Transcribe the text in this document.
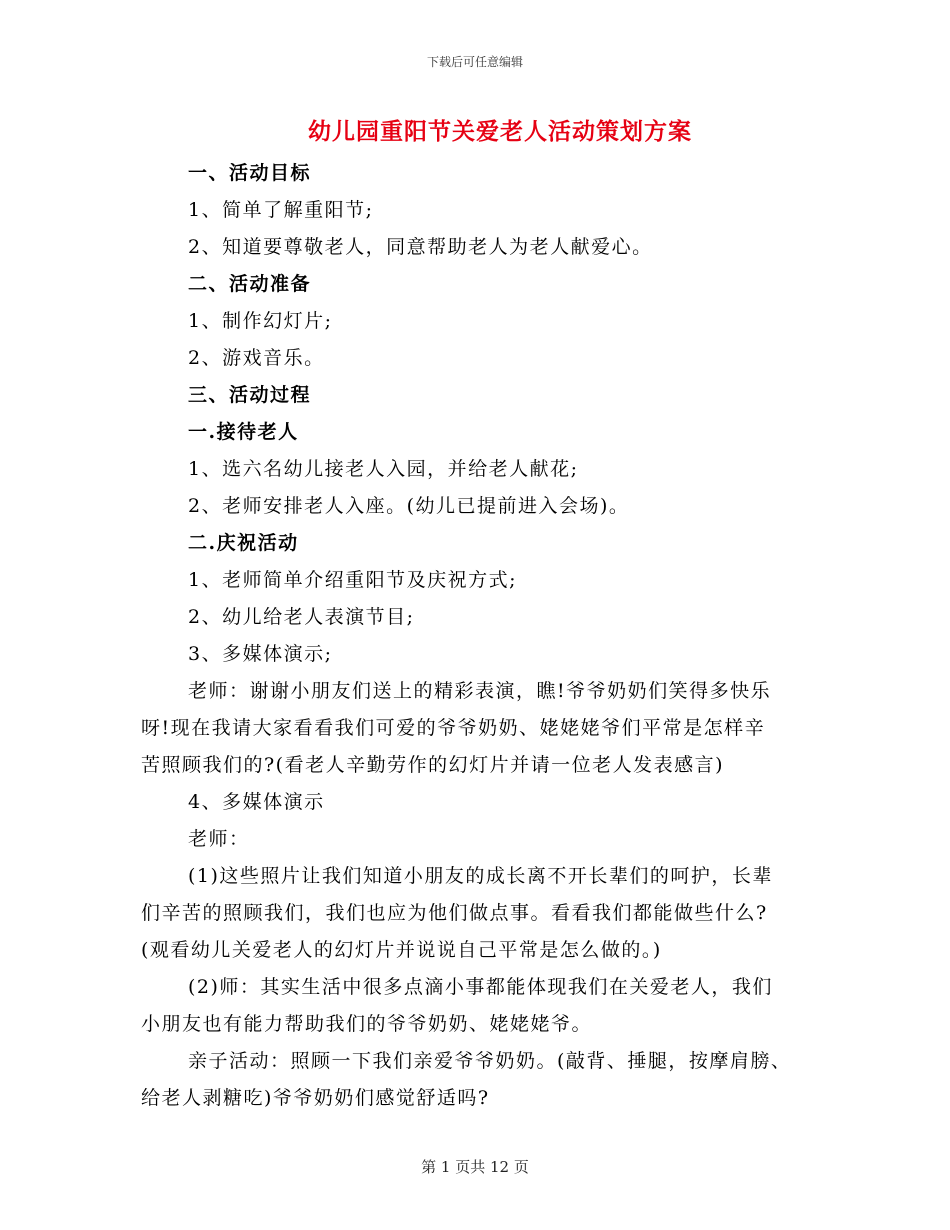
下载后可任意编辑
幼儿园重阳节关爱老人活动策划方案
一、活动目标
1、简单了解重阳节;
2、知道要尊敬老人，同意帮助老人为老人献爱心。
二、活动准备
1、制作幻灯片;
2、游戏音乐。
三、活动过程
一.接待老人
1、选六名幼儿接老人入园，并给老人献花;
2、老师安排老人入座。(幼儿已提前进入会场)。
二.庆祝活动
1、老师简单介绍重阳节及庆祝方式;
2、幼儿给老人表演节目;
3、多媒体演示;
老师：谢谢小朋友们送上的精彩表演，瞧!爷爷奶奶们笑得多快乐
呀!现在我请大家看看我们可爱的爷爷奶奶、姥姥姥爷们平常是怎样辛
苦照顾我们的?(看老人辛勤劳作的幻灯片并请一位老人发表感言)
4、多媒体演示
老师：
(1)这些照片让我们知道小朋友的成长离不开长辈们的呵护，长辈
们辛苦的照顾我们，我们也应为他们做点事。看看我们都能做些什么?
(观看幼儿关爱老人的幻灯片并说说自己平常是怎么做的。)
(2)师：其实生活中很多点滴小事都能体现我们在关爱老人，我们
小朋友也有能力帮助我们的爷爷奶奶、姥姥姥爷。
亲子活动：照顾一下我们亲爱爷爷奶奶。(敲背、捶腿，按摩肩膀、
给老人剥糖吃)爷爷奶奶们感觉舒适吗?
第 1 页共 12 页
